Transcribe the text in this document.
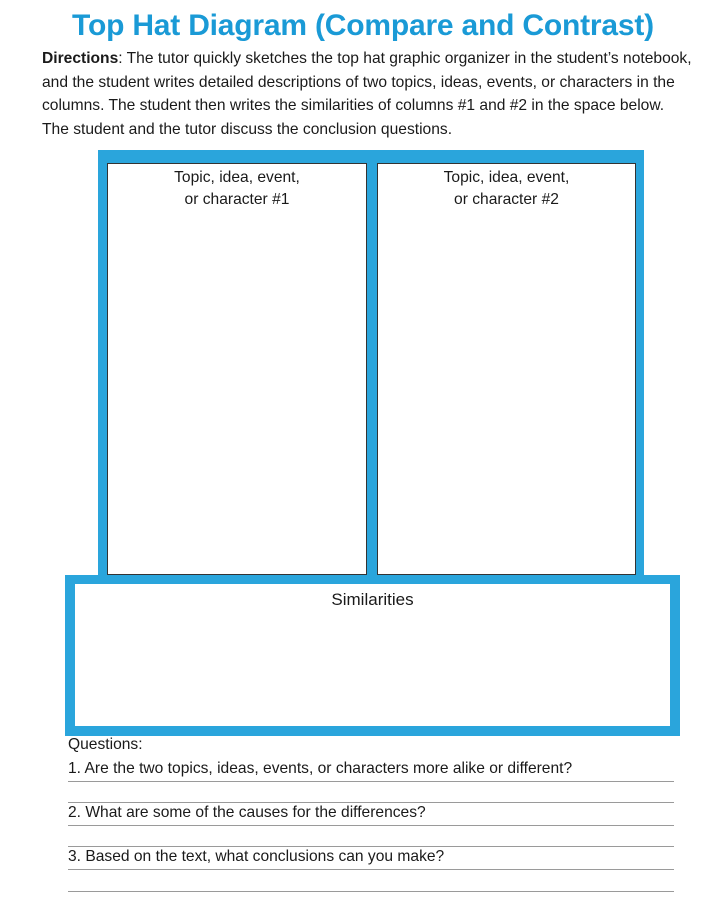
Top Hat Diagram (Compare and Contrast)

Directions: The tutor quickly sketches the top hat graphic organizer in the student’s notebook, and the student writes detailed descriptions of two topics, ideas, events, or characters in the columns. The student then writes the similarities of columns #1 and #2 in the space below. The student and the tutor discuss the conclusion questions.

Topic, idea, event,
or character #1
Topic, idea, event,
or character #2
Similarities

Questions:

1. Are the two topics, ideas, events, or characters more alike or different?

2. What are some of the causes for the differences?

3. Based on the text, what conclusions can you make?
